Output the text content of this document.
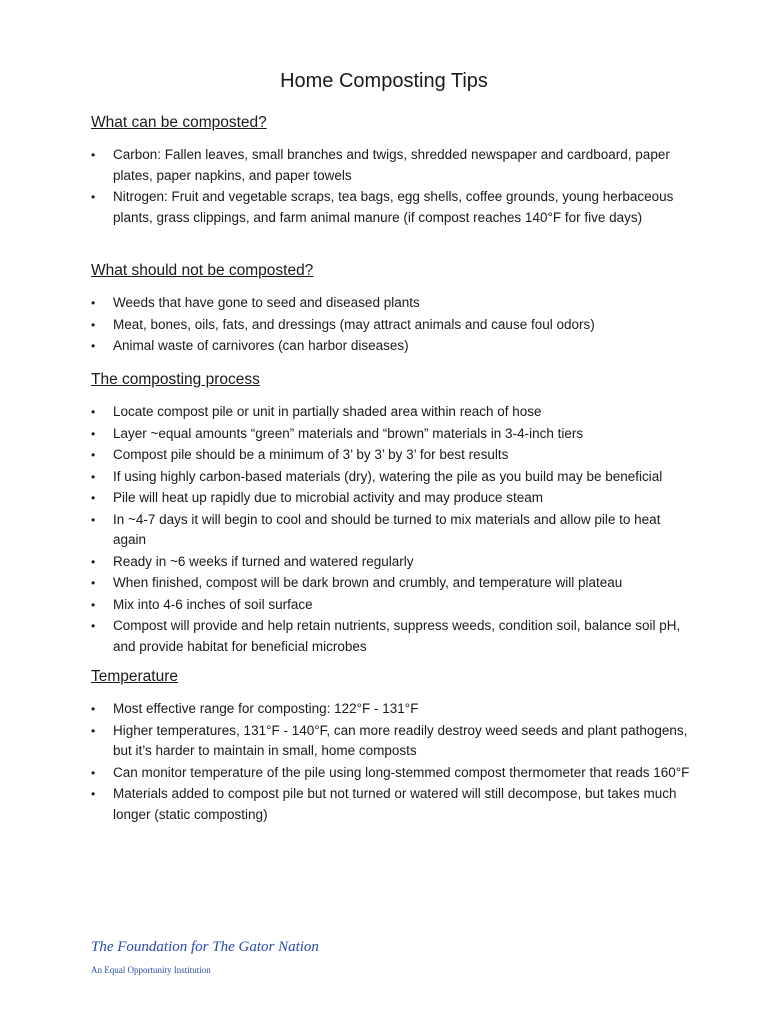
Home Composting Tips
What can be composted?
• Carbon: Fallen leaves, small branches and twigs, shredded newspaper and cardboard, paper plates, paper napkins, and paper towels
• Nitrogen: Fruit and vegetable scraps, tea bags, egg shells, coffee grounds, young herbaceous plants, grass clippings, and farm animal manure (if compost reaches 140°F for five days)
What should not be composted?
• Weeds that have gone to seed and diseased plants
• Meat, bones, oils, fats, and dressings (may attract animals and cause foul odors)
• Animal waste of carnivores (can harbor diseases)
The composting process
• Locate compost pile or unit in partially shaded area within reach of hose
• Layer ~equal amounts “green” materials and “brown” materials in 3-4-inch tiers
• Compost pile should be a minimum of 3’ by 3’ by 3’ for best results
• If using highly carbon-based materials (dry), watering the pile as you build may be beneficial
• Pile will heat up rapidly due to microbial activity and may produce steam
• In ~4-7 days it will begin to cool and should be turned to mix materials and allow pile to heat again
• Ready in ~6 weeks if turned and watered regularly
• When finished, compost will be dark brown and crumbly, and temperature will plateau
• Mix into 4-6 inches of soil surface
• Compost will provide and help retain nutrients, suppress weeds, condition soil, balance soil pH, and provide habitat for beneficial microbes
Temperature
• Most effective range for composting: 122°F - 131°F
• Higher temperatures, 131°F - 140°F, can more readily destroy weed seeds and plant pathogens, but it’s harder to maintain in small, home composts
• Can monitor temperature of the pile using long-stemmed compost thermometer that reads 160°F
• Materials added to compost pile but not turned or watered will still decompose, but takes much longer (static composting)

The Foundation for The Gator Nation

An Equal Opportunity Institution
